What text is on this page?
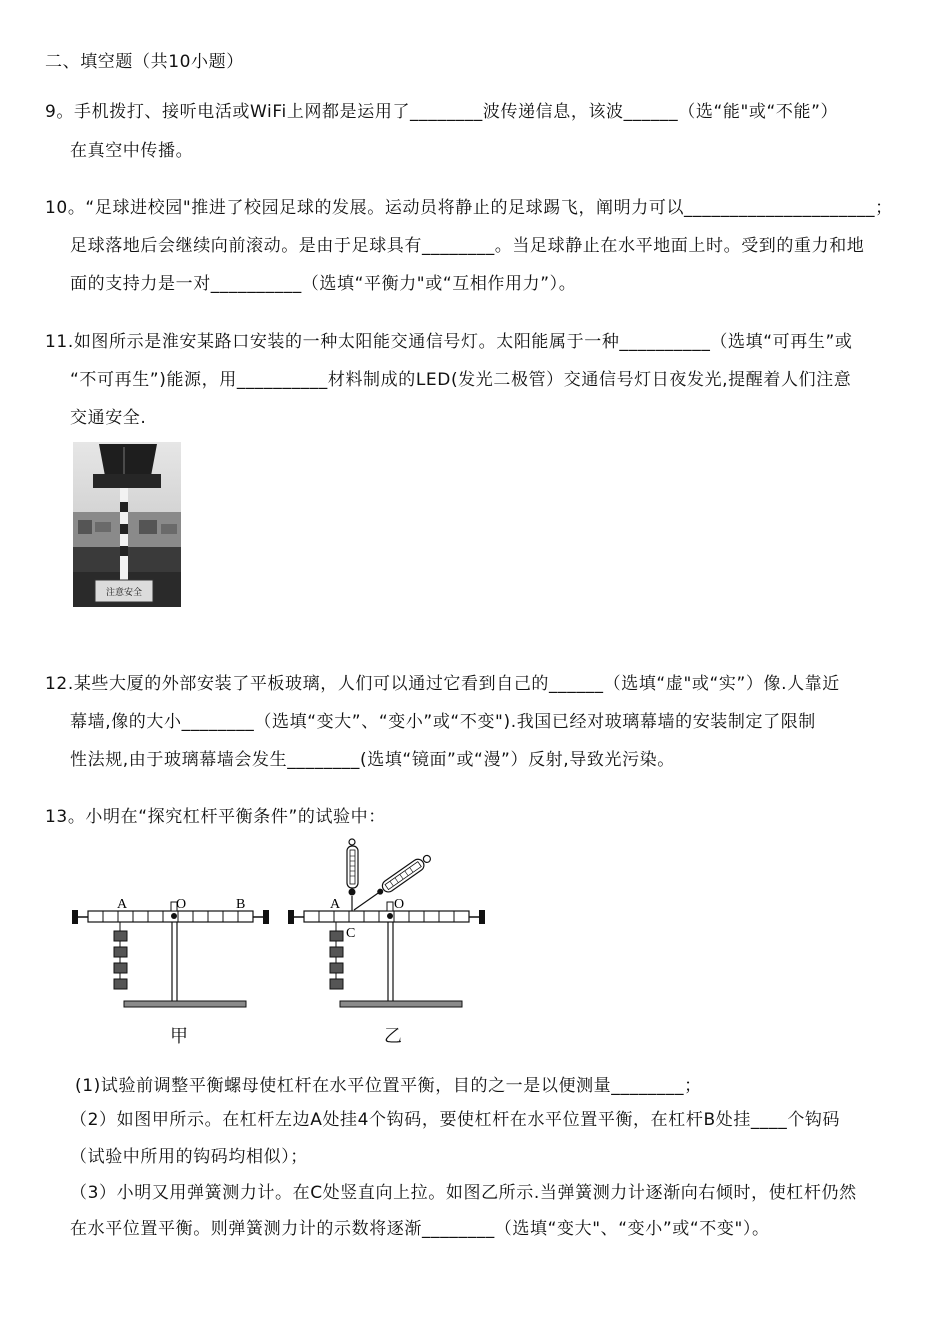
二、填空题（共10小题）
9。手机拨打、接听电活或WiFi上网都是运用了________波传递信息，该波______（选“能"或“不能”）
在真空中传播。
10。“足球进校园"推进了校园足球的发展。运动员将静止的足球踢飞，阐明力可以_____________________；
足球落地后会继续向前滚动。是由于足球具有________。当足球静止在水平地面上时。受到的重力和地
面的支持力是一对__________（选填“平衡力"或“互相作用力”）。
11.如图所示是淮安某路口安装的一种太阳能交通信号灯。太阳能属于一种__________（选填“可再生”或
“不可再生”)能源，用__________材料制成的LED(发光二极管）交通信号灯日夜发光,提醒着人们注意
交通安全.
注意安全
12.某些大厦的外部安装了平板玻璃，人们可以通过它看到自己的______（选填“虚"或“实”）像.人靠近
幕墙,像的大小________（选填“变大”、“变小”或“不变").我国已经对玻璃幕墙的安装制定了限制
性法规,由于玻璃幕墙会发生________(选填“镜面”或“漫”）反射,导致光污染。
13。小明在“探究杠杆平衡条件”的试验中：
A	O	B	A
C
O
甲	乙
(1)试验前调整平衡螺母使杠杆在水平位置平衡，目的之一是以便测量________；
（2）如图甲所示。在杠杆左边A处挂4个钩码，要使杠杆在水平位置平衡，在杠杆B处挂____个钩码
（试验中所用的钩码均相似）；
（3）小明又用弹簧测力计。在C处竖直向上拉。如图乙所示.当弹簧测力计逐渐向右倾时，使杠杆仍然
在水平位置平衡。则弹簧测力计的示数将逐渐________（选填“变大"、“变小”或“不变"）。
